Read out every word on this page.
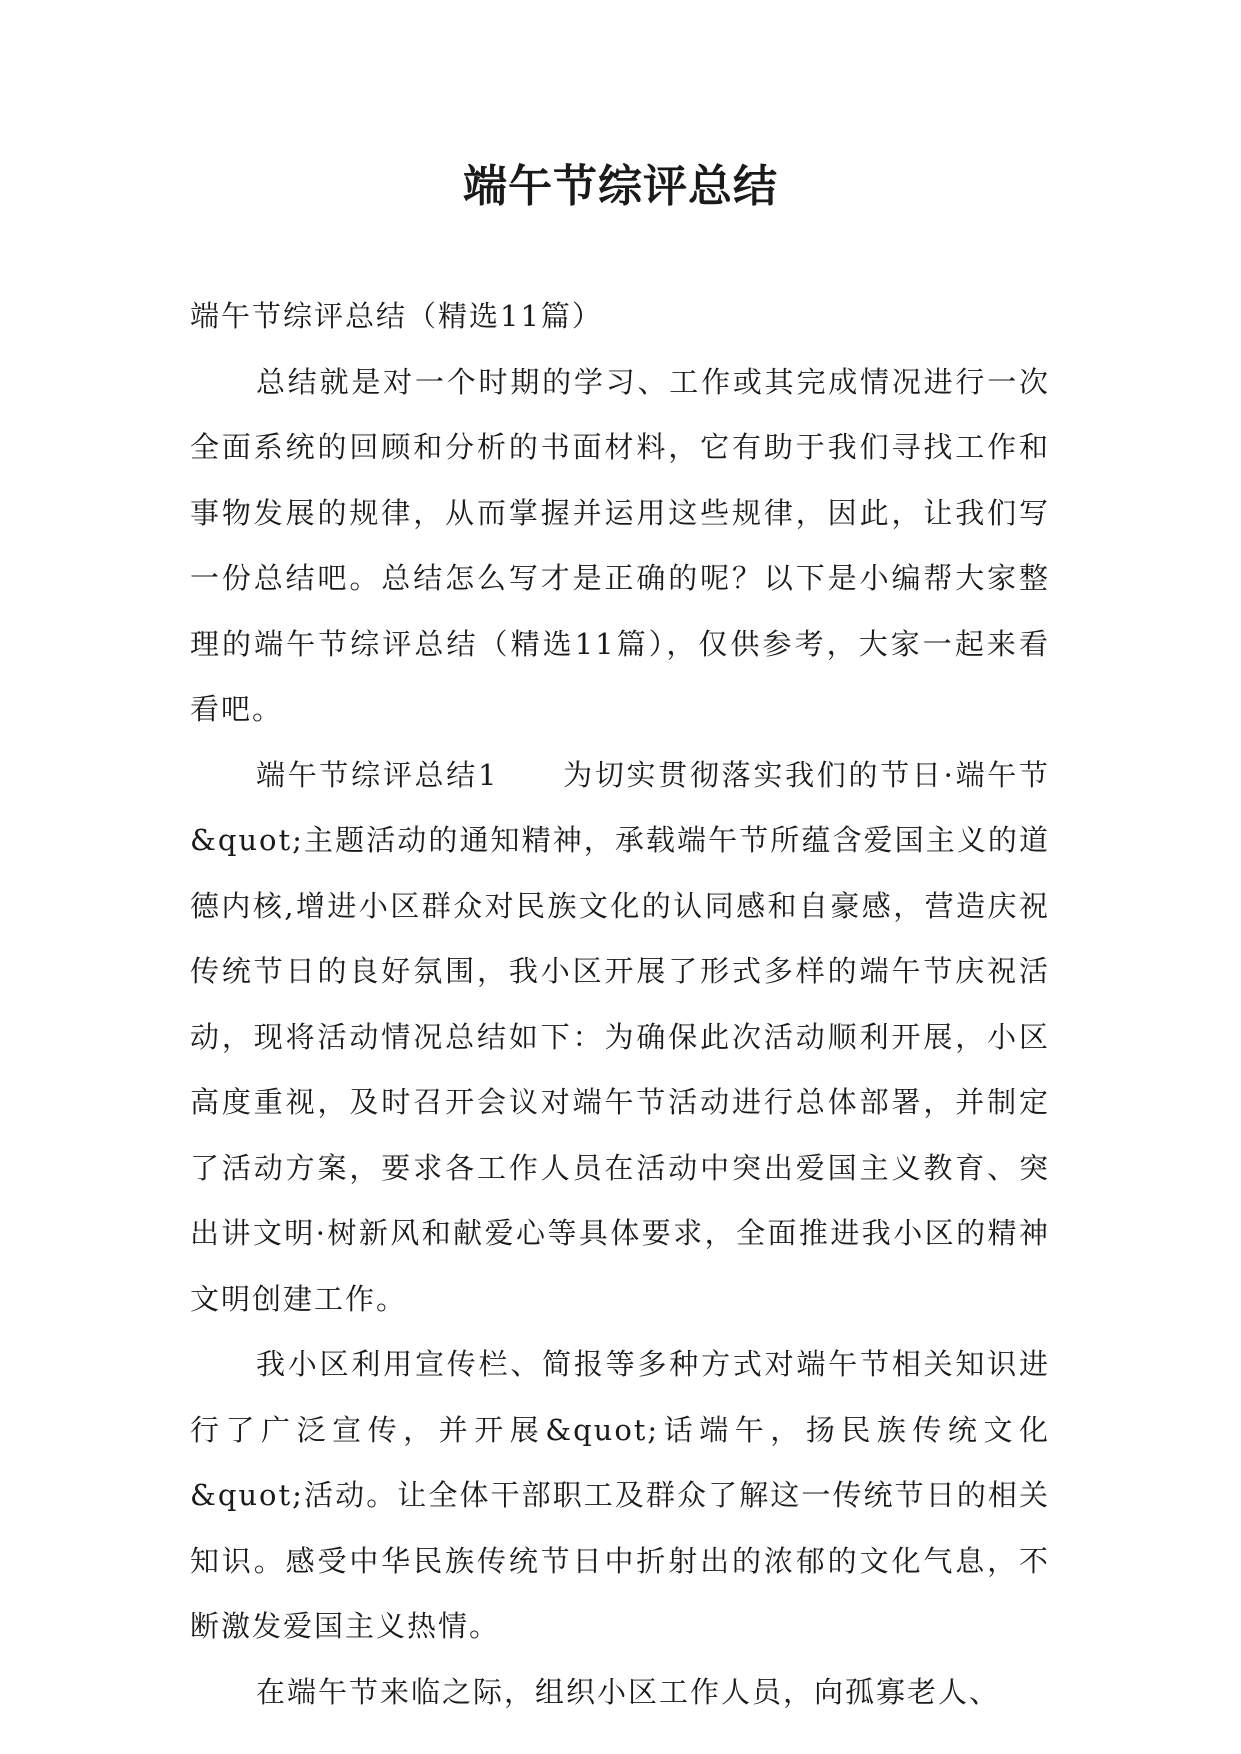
端午节综评总结

端午节综评总结（精选11篇）

总结就是对一个时期的学习、工作或其完成情况进行一次全面系统的回顾和分析的书面材料，它有助于我们寻找工作和事物发展的规律，从而掌握并运用这些规律，因此，让我们写一份总结吧。总结怎么写才是正确的呢？以下是小编帮大家整理的端午节综评总结（精选11篇），仅供参考，大家一起来看看吧。

端午节综评总结1 为切实贯彻落实我们的节日·端午节&quot;主题活动的通知精神，承载端午节所蕴含爱国主义的道德内核,增进小区群众对民族文化的认同感和自豪感，营造庆祝传统节日的良好氛围，我小区开展了形式多样的端午节庆祝活动，现将活动情况总结如下：为确保此次活动顺利开展，小区高度重视，及时召开会议对端午节活动进行总体部署，并制定了活动方案，要求各工作人员在活动中突出爱国主义教育、突出讲文明·树新风和献爱心等具体要求，全面推进我小区的精神文明创建工作。

我小区利用宣传栏、简报等多种方式对端午节相关知识进行了广泛宣传，并开展&quot;话端午，扬民族传统文化&quot;活动。让全体干部职工及群众了解这一传统节日的相关知识。感受中华民族传统节日中折射出的浓郁的文化气息，不断激发爱国主义热情。

在端午节来临之际，组织小区工作人员，向孤寡老人、
